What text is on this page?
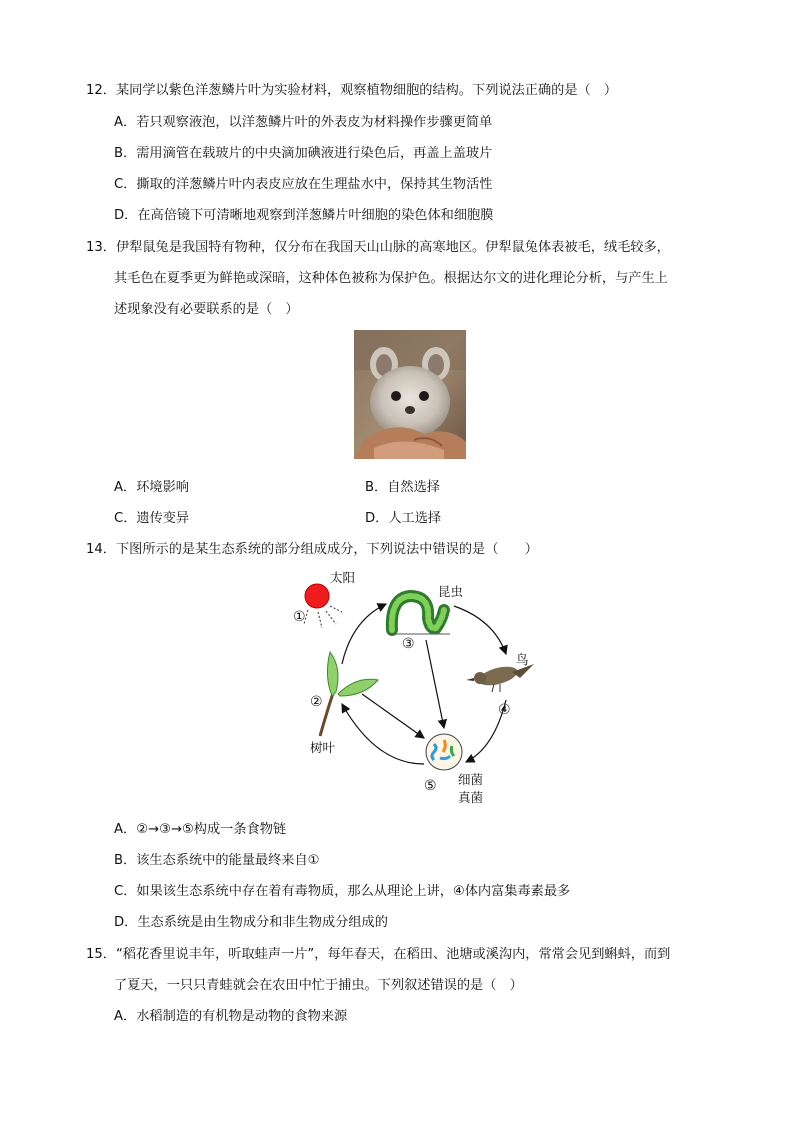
12．某同学以紫色洋葱鳞片叶为实验材料，观察植物细胞的结构。下列说法正确的是（　）
A．若只观察液泡，以洋葱鳞片叶的外表皮为材料操作步骤更简单
B．需用滴管在载玻片的中央滴加碘液进行染色后，再盖上盖玻片
C．撕取的洋葱鳞片叶内表皮应放在生理盐水中，保持其生物活性
D．在高倍镜下可清晰地观察到洋葱鳞片叶细胞的染色体和细胞膜
13．伊犁鼠兔是我国特有物种，仅分布在我国天山山脉的高寒地区。伊犁鼠兔体表被毛，绒毛较多，
其毛色在夏季更为鲜艳或深暗，这种体色被称为保护色。根据达尔文的进化理论分析，与产生上
述现象没有必要联系的是（　）
A．环境影响	B．自然选择
C．遗传变异	D．人工选择
14．下图所示的是某生态系统的部分组成成分，下列说法中错误的是（　　）
太阳
①
昆虫
③
鸟
④
②
树叶
⑤ 细菌
真菌
A．②→③→⑤构成一条食物链
B．该生态系统中的能量最终来自①
C．如果该生态系统中存在着有毒物质，那么从理论上讲，④体内富集毒素最多
D．生态系统是由生物成分和非生物成分组成的
15．“稻花香里说丰年，听取蛙声一片”，每年春天，在稻田、池塘或溪沟内，常常会见到蝌蚪，而到
了夏天，一只只青蛙就会在农田中忙于捕虫。下列叙述错误的是（　）
A．水稻制造的有机物是动物的食物来源
